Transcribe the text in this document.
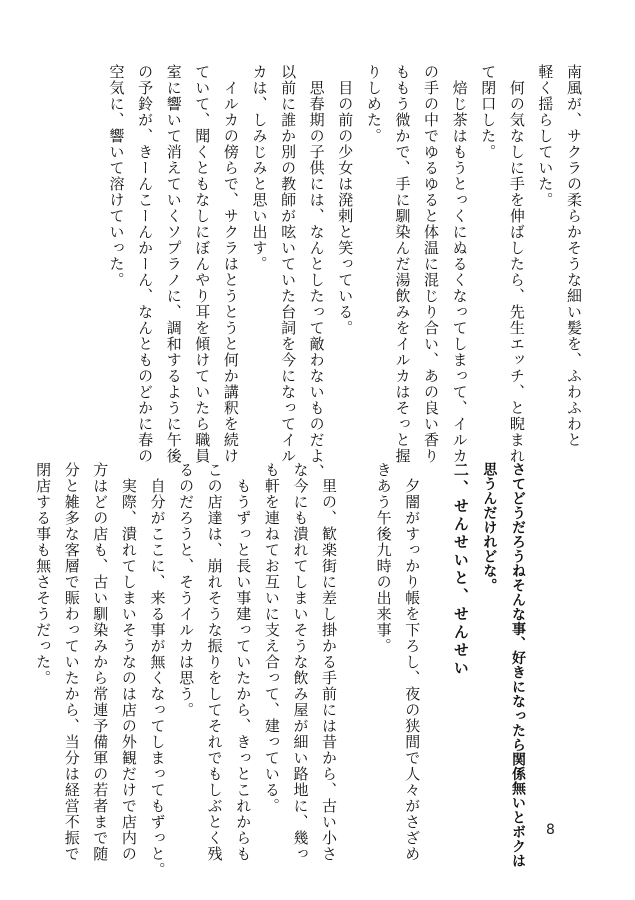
南風が、サクラの柔らかそうな細い髪を、ふわふわと

軽く揺らしていた。

　何の気なしに手を伸ばしたら、先生エッチ、と睨まれ

て閉口した。

　焙じ茶はもうとっくにぬるくなってしまって、イルカ

の手の中でゆるゆると体温に混じり合い、あの良い香り

ももう微かで、手に馴染んだ湯飲みをイルカはそっと握

りしめた。

　目の前の少女は溌剌と笑っている。

　思春期の子供には、なんとしたって敵わないものだよ、

以前に誰か別の教師が呟いていた台詞を今になってイル

カは、しみじみと思い出す。

　イルカの傍らで、サクラはとうとうと何か講釈を続け

ていて、聞くともなしにぼんやり耳を傾けていたら職員

室に響いて消えていくソプラノに、調和するように午後

の予鈴が、きーんこーんかーん、なんとものどかに春の

空気に、響いて溶けていった。

さてどうだろうねそんな事、好きになったら関係無いとボクは

思うんだけれどな。

二、せんせいと、せんせい

　夕闇がすっかり帳を下ろし、夜の狭間で人々がさざめ

きあう午後九時の出来事。

　里の、歓楽街に差し掛かる手前には昔から、古い小さ

な今にも潰れてしまいそうな飲み屋が細い路地に、幾っ

も軒を連ねてお互いに支え合って、建っている。

　もうずっと長い事建っていたから、きっとこれからも

この店達は、崩れそうな振りをしてそれでもしぶとく残

るのだろうと、そうイルカは思う。

　自分がここに、来る事が無くなってしまってもずっと。

　実際、潰れてしまいそうなのは店の外観だけで店内の

方はどの店も、古い馴染みから常連予備軍の若者まで随

分と雑多な客層で賑わっていたから、当分は経営不振で

閉店する事も無さそうだった。

8
